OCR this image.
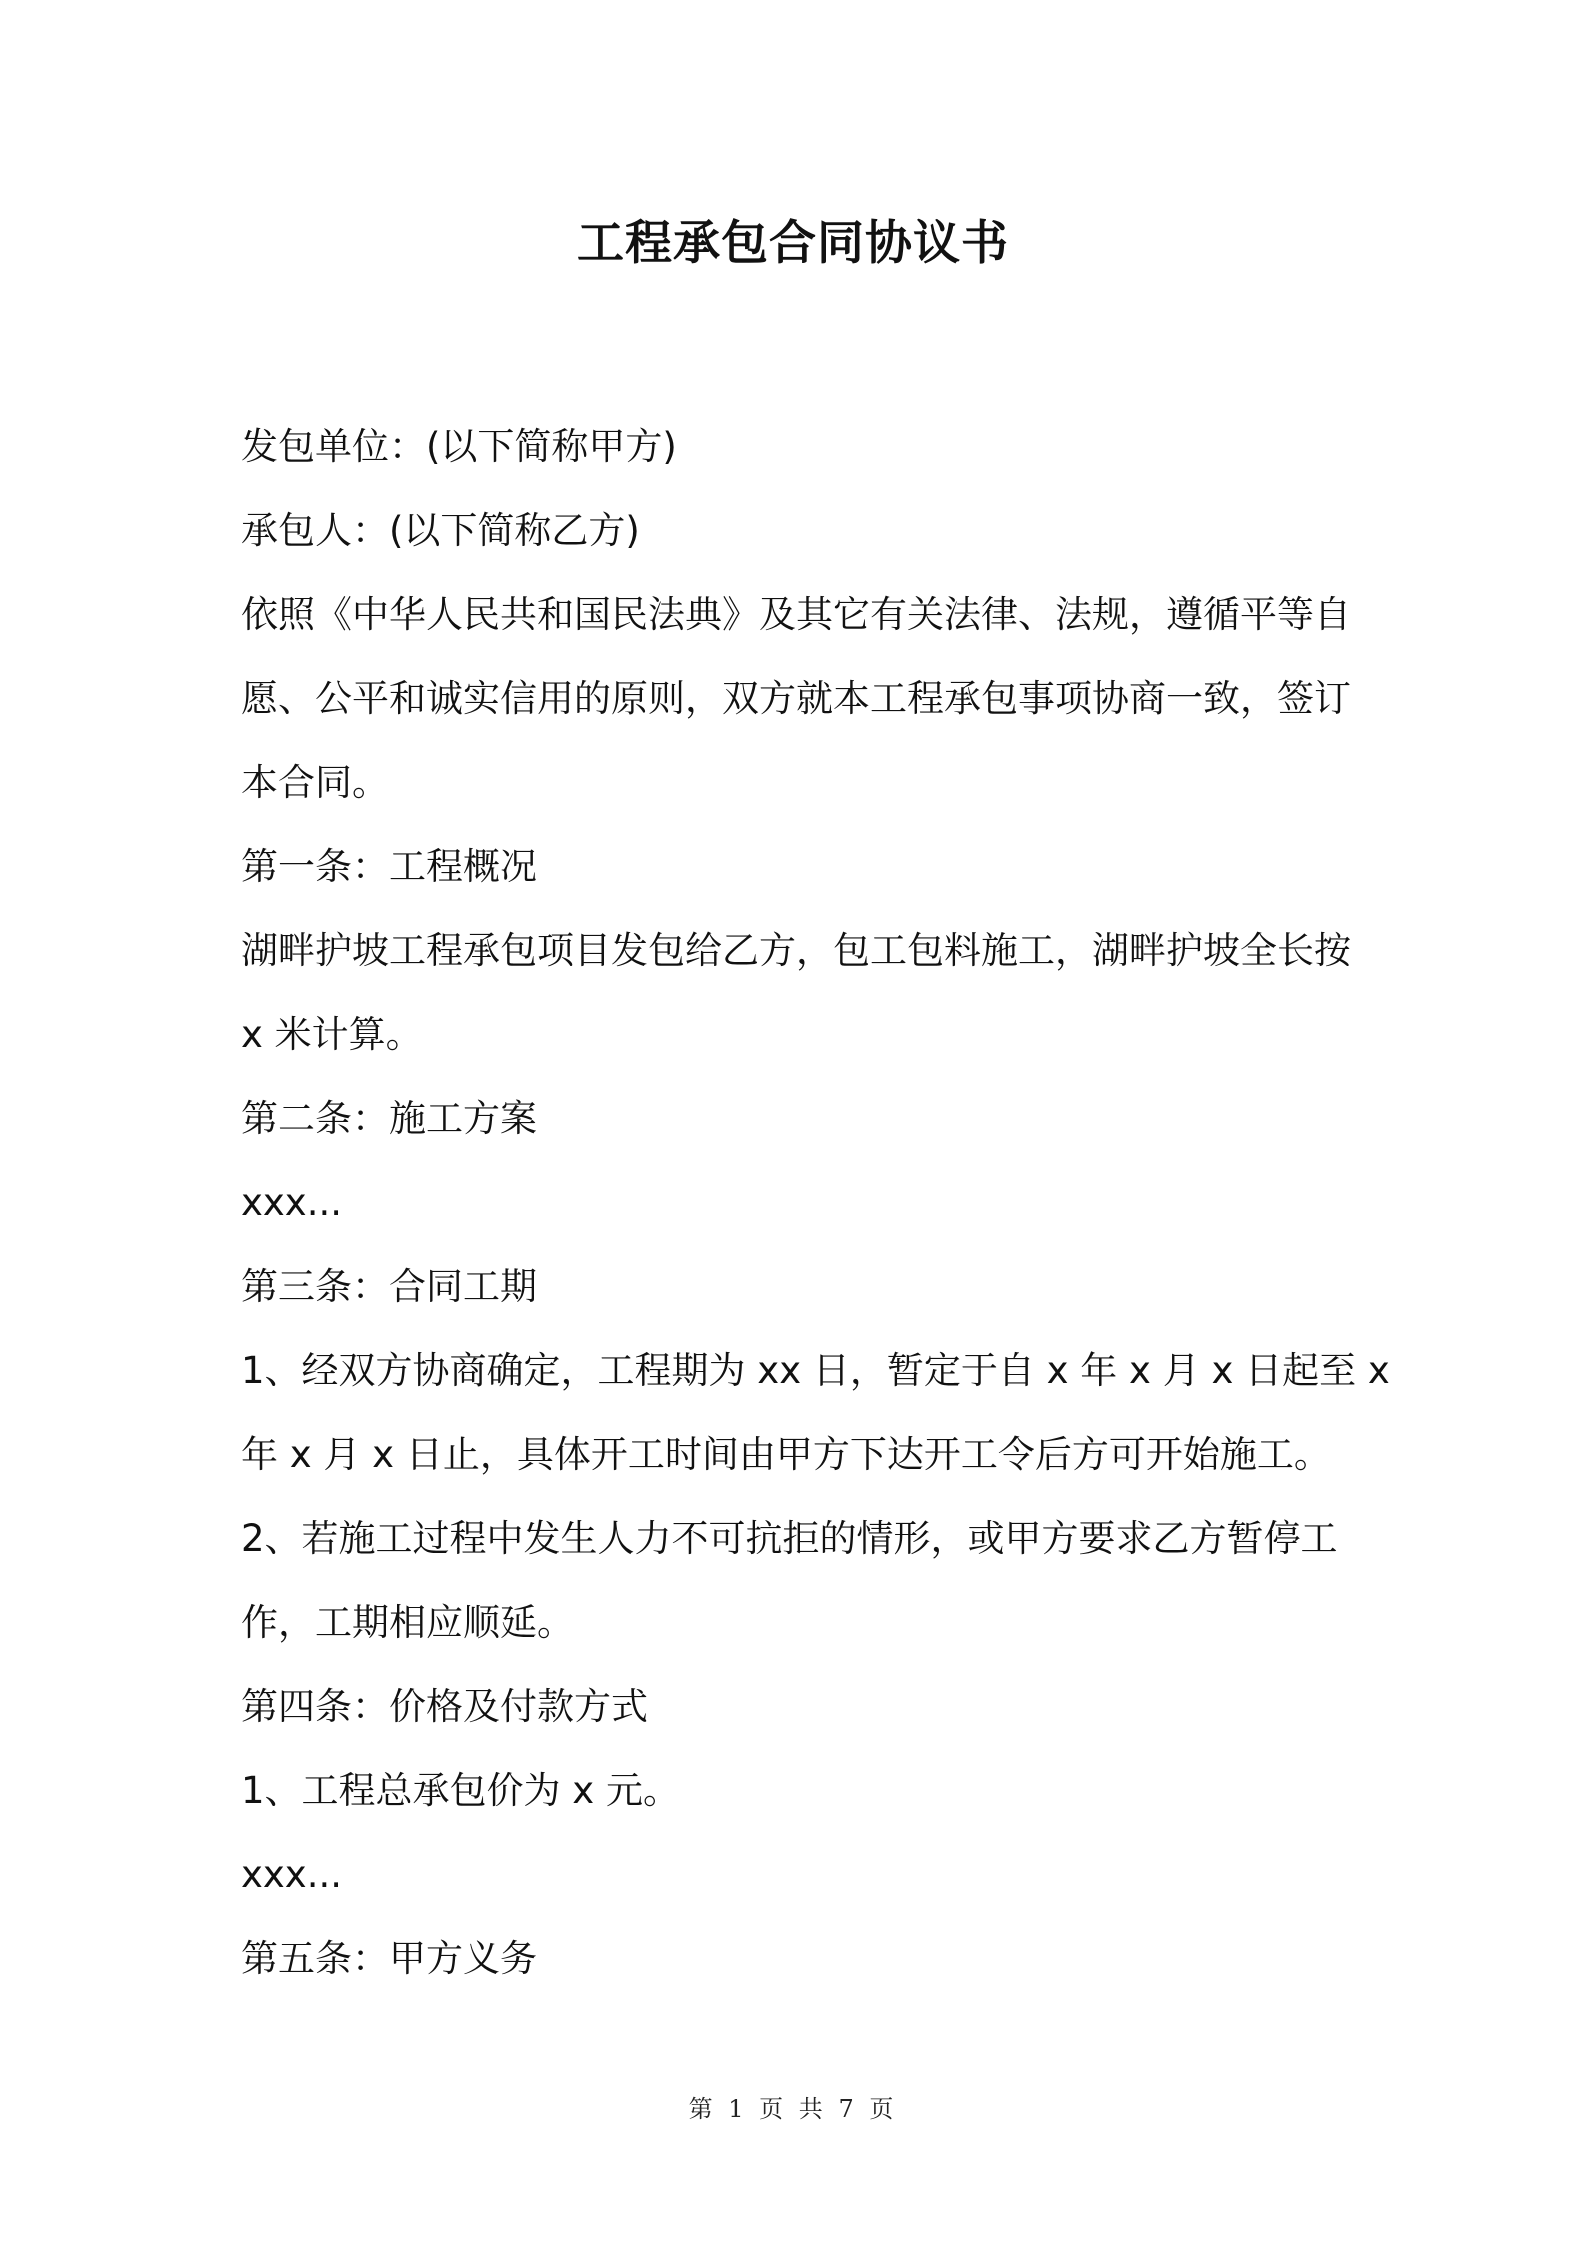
工程承包合同协议书

发包单位：(以下简称甲方)

承包人：(以下简称乙方)

依照《中华人民共和国民法典》及其它有关法律、法规，遵循平等自

愿、公平和诚实信用的原则，双方就本工程承包事项协商一致，签订

本合同。

第一条：工程概况

湖畔护坡工程承包项目发包给乙方，包工包料施工，湖畔护坡全长按

x 米计算。

第二条：施工方案

xxx...

第三条：合同工期

1、经双方协商确定，工程期为 xx 日，暂定于自 x 年 x 月 x 日起至 x

年 x 月 x 日止，具体开工时间由甲方下达开工令后方可开始施工。

2、若施工过程中发生人力不可抗拒的情形，或甲方要求乙方暂停工

作，工期相应顺延。

第四条：价格及付款方式

1、工程总承包价为 x 元。

xxx...

第五条：甲方义务

第 1 页 共 7 页
